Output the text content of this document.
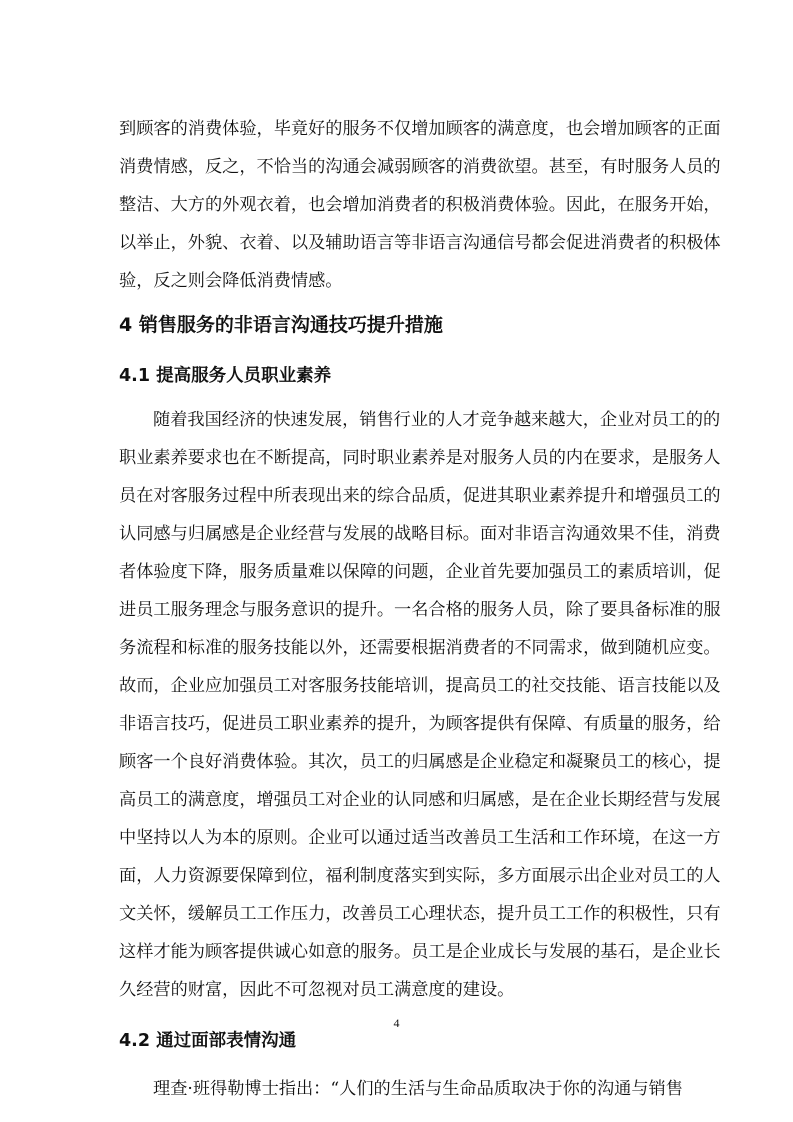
到顾客的消费体验，毕竟好的服务不仅增加顾客的满意度，也会增加顾客的正面
消费情感，反之，不恰当的沟通会减弱顾客的消费欲望。甚至，有时服务人员的
整洁、大方的外观衣着，也会增加消费者的积极消费体验。因此，在服务开始，
以举止，外貌、衣着、以及辅助语言等非语言沟通信号都会促进消费者的积极体
验，反之则会降低消费情感。
4 销售服务的非语言沟通技巧提升措施
4.1 提高服务人员职业素养
随着我国经济的快速发展，销售行业的人才竞争越来越大，企业对员工的的
职业素养要求也在不断提高，同时职业素养是对服务人员的内在要求，是服务人
员在对客服务过程中所表现出来的综合品质，促进其职业素养提升和增强员工的
认同感与归属感是企业经营与发展的战略目标。面对非语言沟通效果不佳，消费
者体验度下降，服务质量难以保障的问题，企业首先要加强员工的素质培训，促
进员工服务理念与服务意识的提升。一名合格的服务人员，除了要具备标准的服
务流程和标准的服务技能以外，还需要根据消费者的不同需求，做到随机应变。
故而，企业应加强员工对客服务技能培训，提高员工的社交技能、语言技能以及
非语言技巧，促进员工职业素养的提升，为顾客提供有保障、有质量的服务，给
顾客一个良好消费体验。其次，员工的归属感是企业稳定和凝聚员工的核心，提
高员工的满意度，增强员工对企业的认同感和归属感，是在企业长期经营与发展
中坚持以人为本的原则。企业可以通过适当改善员工生活和工作环境，在这一方
面，人力资源要保障到位，福利制度落实到实际，多方面展示出企业对员工的人
文关怀，缓解员工工作压力，改善员工心理状态，提升员工工作的积极性，只有
这样才能为顾客提供诚心如意的服务。员工是企业成长与发展的基石，是企业长
久经营的财富，因此不可忽视对员工满意度的建设。
4.2 通过面部表情沟通
理查·班得勒博士指出：“人们的生活与生命品质取决于你的沟通与销售
4
